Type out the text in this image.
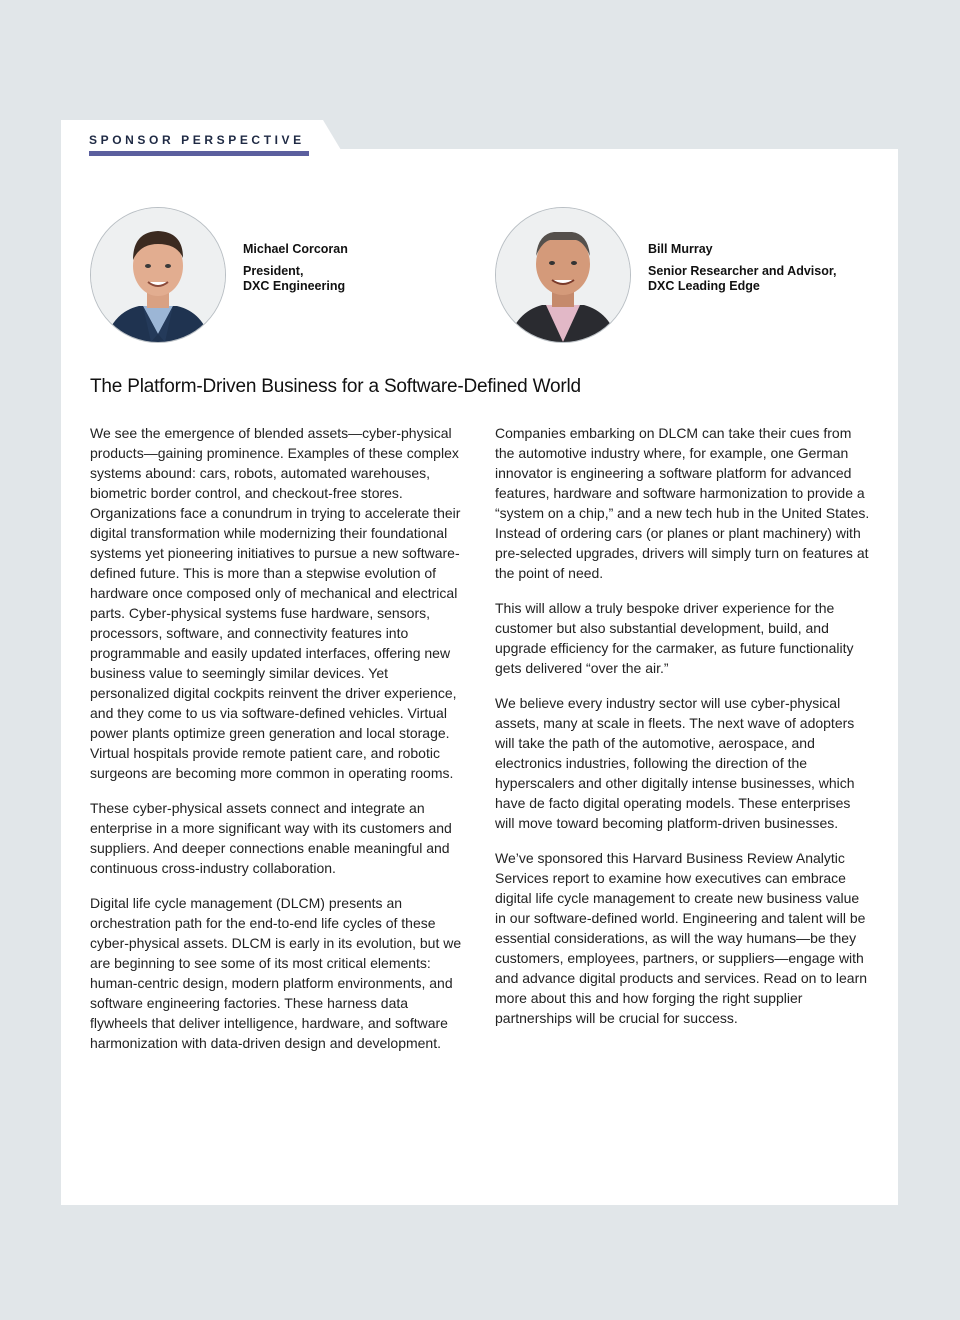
SPONSOR PERSPECTIVE
Michael Corcoran
President,
DXC Engineering
Bill Murray
Senior Researcher and Advisor,
DXC Leading Edge
The Platform-Driven Business for a Software-Defined World

We see the emergence of blended assets—cyber-physical products—gaining prominence. Examples of these complex systems abound: cars, robots, automated warehouses, biometric border control, and checkout-free stores. Organizations face a conundrum in trying to accelerate their digital transformation while modernizing their foundational systems yet pioneering initiatives to pursue a new software-defined future. This is more than a stepwise evolution of hardware once composed only of mechanical and electrical parts. Cyber-physical systems fuse hardware, sensors, processors, software, and connectivity features into programmable and easily updated interfaces, offering new business value to seemingly similar devices. Yet personalized digital cockpits reinvent the driver experience, and they come to us via software-defined vehicles. Virtual power plants optimize green generation and local storage. Virtual hospitals provide remote patient care, and robotic surgeons are becoming more common in operating rooms.

These cyber-physical assets connect and integrate an enterprise in a more significant way with its customers and suppliers. And deeper connections enable meaningful and continuous cross-industry collaboration.

Digital life cycle management (DLCM) presents an orchestration path for the end-to-end life cycles of these cyber-physical assets. DLCM is early in its evolution, but we are beginning to see some of its most critical elements: human-centric design, modern platform environments, and software engineering factories. These harness data flywheels that deliver intelligence, hardware, and software harmonization with data-driven design and development.

Companies embarking on DLCM can take their cues from the automotive industry where, for example, one German innovator is engineering a software platform for advanced features, hardware and software harmonization to provide a “system on a chip,” and a new tech hub in the United States. Instead of ordering cars (or planes or plant machinery) with pre-selected upgrades, drivers will simply turn on features at the point of need.

This will allow a truly bespoke driver experience for the customer but also substantial development, build, and upgrade efficiency for the carmaker, as future functionality gets delivered “over the air.”

We believe every industry sector will use cyber-physical assets, many at scale in fleets. The next wave of adopters will take the path of the automotive, aerospace, and electronics industries, following the direction of the hyperscalers and other digitally intense businesses, which have de facto digital operating models. These enterprises will move toward becoming platform-driven businesses.

We’ve sponsored this Harvard Business Review Analytic Services report to examine how executives can embrace digital life cycle management to create new business value in our software-defined world. Engineering and talent will be essential considerations, as will the way humans—be they customers, employees, partners, or suppliers—engage with and advance digital products and services. Read on to learn more about this and how forging the right supplier partnerships will be crucial for success.
